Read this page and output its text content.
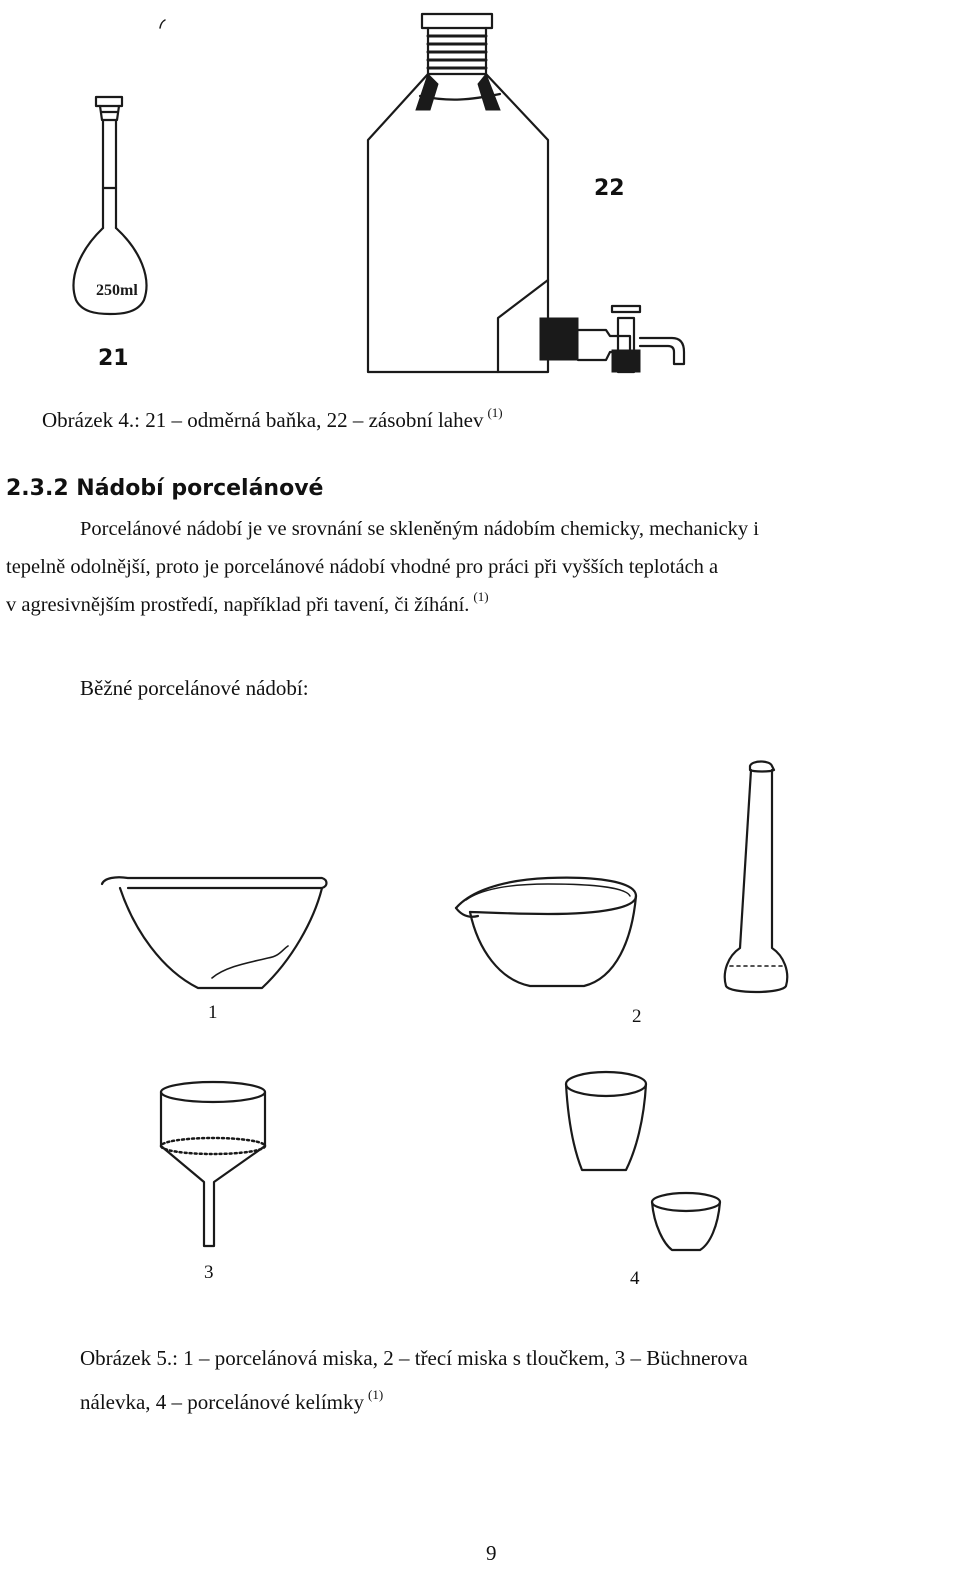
250ml
21
22
Obrázek 4.: 21 – odměrná baňka, 22 – zásobní lahev $^{(1)}$
2.3.2 Nádobí porcelánové
Porcelánové nádobí je ve srovnání se skleněným nádobím chemicky, mechanicky i
tepelně odolnější, proto je porcelánové nádobí vhodné pro práci při vyšších teplotách a
v agresivnějším prostředí, například při tavení, či žíhání. $^{(1)}$
Běžné porcelánové nádobí:
1	2
3	4
Obrázek 5.: 1 – porcelánová miska, 2 – třecí miska s tloučkem, 3 – Büchnerova
nálevka, 4 – porcelánové kelímky $^{(1)}$
9
